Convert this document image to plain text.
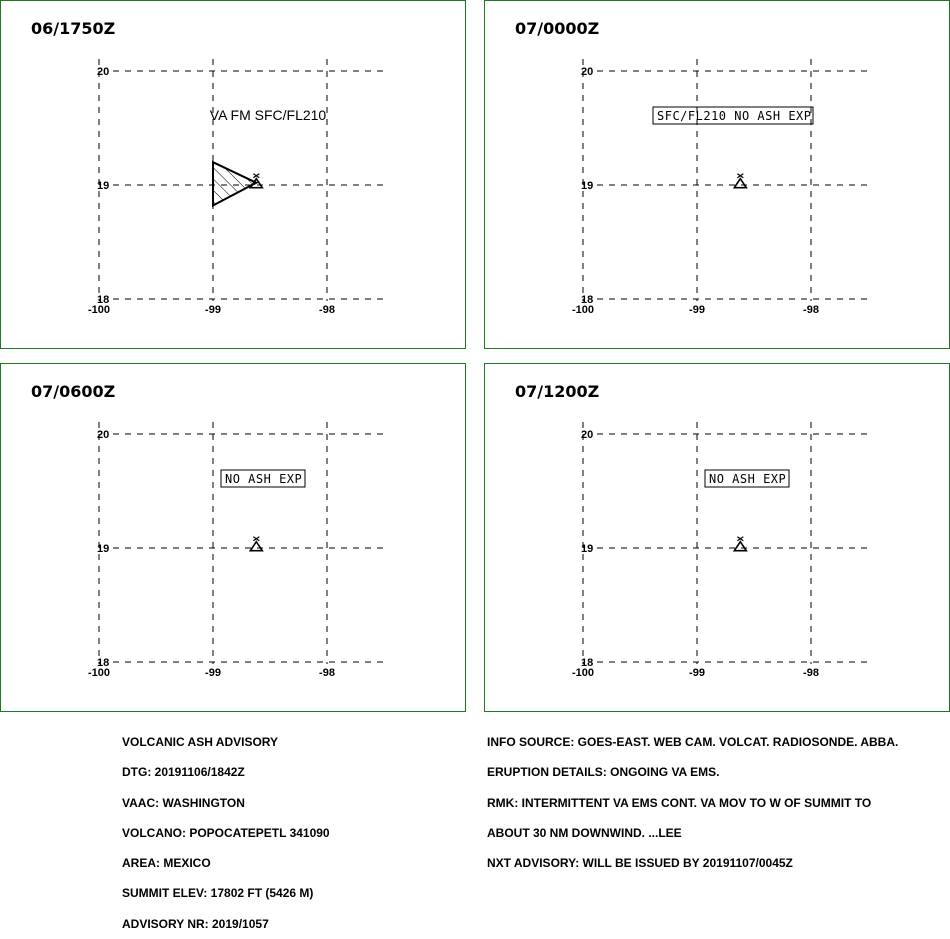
06/1750Z
-100	-99	-98
20
19
18
VA FM SFC/FL210
07/0000Z
-100	-99	-98
20
19
18
SFC/FL210 NO ASH EXP
07/0600Z
-100	-99	-98
20
19
18
NO ASH EXP
07/1200Z
-100	-99	-98
20
19
18
NO ASH EXP

VOLCANIC ASH ADVISORY

DTG: 20191106/1842Z

VAAC: WASHINGTON

VOLCANO: POPOCATEPETL 341090

AREA: MEXICO

SUMMIT ELEV: 17802 FT (5426 M)

ADVISORY NR: 2019/1057

INFO SOURCE: GOES-EAST. WEB CAM. VOLCAT. RADIOSONDE. ABBA.

ERUPTION DETAILS: ONGOING VA EMS.

RMK: INTERMITTENT VA EMS CONT. VA MOV TO W OF SUMMIT TO

ABOUT 30 NM DOWNWIND. ...LEE

NXT ADVISORY: WILL BE ISSUED BY 20191107/0045Z
